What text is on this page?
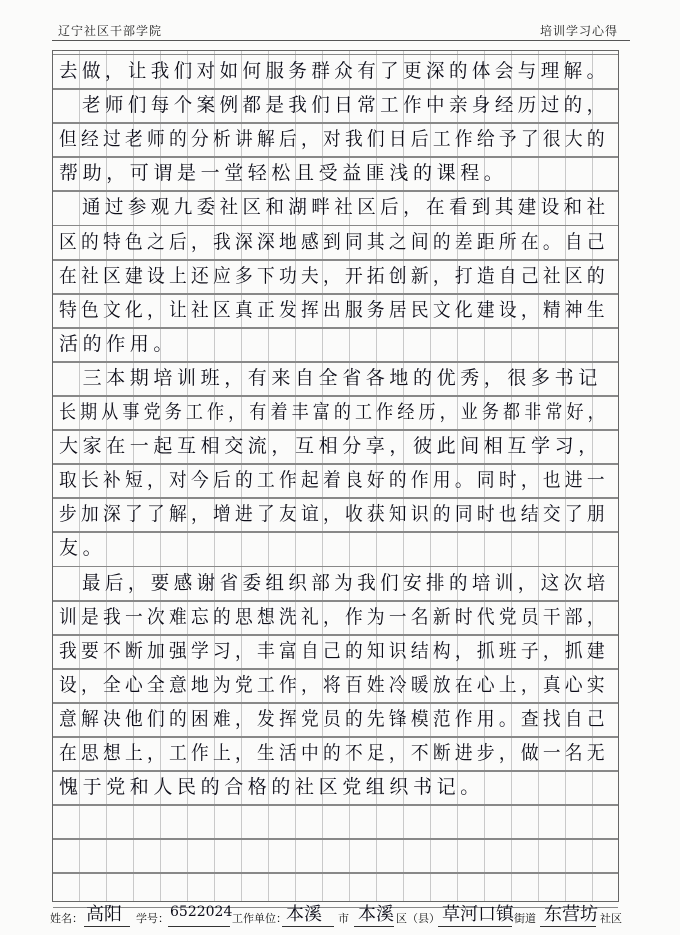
辽宁社区干部学院	培训学习心得
去做，让我们对如何服务群众有了更深的体会与理解。
　老师们每个案例都是我们日常工作中亲身经历过的，
但经过老师的分析讲解后，对我们日后工作给予了很大的
帮助，可谓是一堂轻松且受益匪浅的课程。
　通过参观九委社区和湖畔社区后，在看到其建设和社
区的特色之后，我深深地感到同其之间的差距所在。自己
在社区建设上还应多下功夫，开拓创新，打造自己社区的
特色文化，让社区真正发挥出服务居民文化建设，精神生
活的作用。
　三本期培训班，有来自全省各地的优秀，很多书记
长期从事党务工作，有着丰富的工作经历，业务都非常好，
大家在一起互相交流，互相分享，彼此间相互学习，
取长补短，对今后的工作起着良好的作用。同时，也进一
步加深了了解，增进了友谊，收获知识的同时也结交了朋
友。
　最后，要感谢省委组织部为我们安排的培训，这次培
训是我一次难忘的思想洗礼，作为一名新时代党员干部，
我要不断加强学习，丰富自己的知识结构，抓班子，抓建
设，全心全意地为党工作，将百姓冷暖放在心上，真心实
意解决他们的困难，发挥党员的先锋模范作用。查找自己
在思想上，工作上，生活中的不足，不断进步，做一名无
愧于党和人民的合格的社区党组织书记。
姓名： 高阳 学号： 6522024 工作单位： 本溪 市 本溪 区（县） 草河口镇 街道 东营坊 社区
